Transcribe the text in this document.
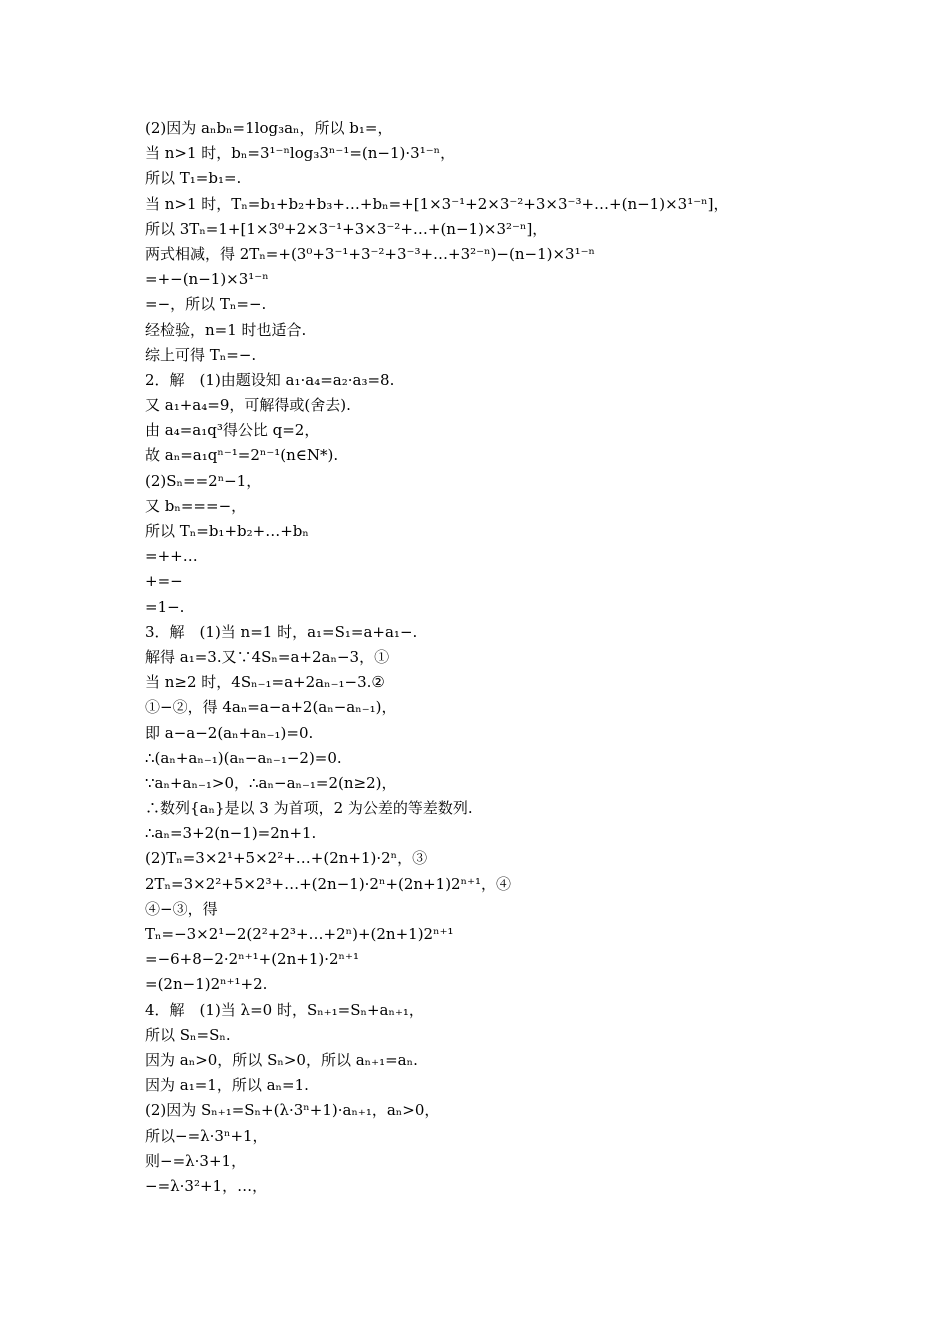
(2)因为 aₙbₙ=1log₃aₙ，所以 b₁=，
当 n>1 时，bₙ=3¹⁻ⁿlog₃3ⁿ⁻¹=(n−1)·3¹⁻ⁿ，
所以 T₁=b₁=.
当 n>1 时，Tₙ=b₁+b₂+b₃+…+bₙ=+[1×3⁻¹+2×3⁻²+3×3⁻³+…+(n−1)×3¹⁻ⁿ]，
所以 3Tₙ=1+[1×3⁰+2×3⁻¹+3×3⁻²+…+(n−1)×3²⁻ⁿ]，
两式相减，得 2Tₙ=+(3⁰+3⁻¹+3⁻²+3⁻³+…+3²⁻ⁿ)−(n−1)×3¹⁻ⁿ
=+−(n−1)×3¹⁻ⁿ
=−，所以 Tₙ=−.
经检验，n=1 时也适合.
综上可得 Tₙ=−.
2．解　(1)由题设知 a₁·a₄=a₂·a₃=8.
又 a₁+a₄=9，可解得或(舍去).
由 a₄=a₁q³得公比 q=2，
故 aₙ=a₁qⁿ⁻¹=2ⁿ⁻¹(n∈N*).
(2)Sₙ==2ⁿ−1，
又 bₙ===−，
所以 Tₙ=b₁+b₂+…+bₙ
=++…
+=−
=1−.
3．解　(1)当 n=1 时，a₁=S₁=a+a₁−.
解得 a₁=3.又∵4Sₙ=a+2aₙ−3，①
当 n≥2 时，4Sₙ₋₁=a+2aₙ₋₁−3.②
①−②，得 4aₙ=a−a+2(aₙ−aₙ₋₁)，
即 a−a−2(aₙ+aₙ₋₁)=0.
∴(aₙ+aₙ₋₁)(aₙ−aₙ₋₁−2)=0.
∵aₙ+aₙ₋₁>0，∴aₙ−aₙ₋₁=2(n≥2)，
∴数列{aₙ}是以 3 为首项，2 为公差的等差数列.
∴aₙ=3+2(n−1)=2n+1.
(2)Tₙ=3×2¹+5×2²+…+(2n+1)·2ⁿ，③
2Tₙ=3×2²+5×2³+…+(2n−1)·2ⁿ+(2n+1)2ⁿ⁺¹，④
④−③，得
Tₙ=−3×2¹−2(2²+2³+…+2ⁿ)+(2n+1)2ⁿ⁺¹
=−6+8−2·2ⁿ⁺¹+(2n+1)·2ⁿ⁺¹
=(2n−1)2ⁿ⁺¹+2.
4．解　(1)当 λ=0 时，Sₙ₊₁=Sₙ+aₙ₊₁，
所以 Sₙ=Sₙ.
因为 aₙ>0，所以 Sₙ>0，所以 aₙ₊₁=aₙ.
因为 a₁=1，所以 aₙ=1.
(2)因为 Sₙ₊₁=Sₙ+(λ·3ⁿ+1)·aₙ₊₁，aₙ>0，
所以−=λ·3ⁿ+1，
则−=λ·3+1，
−=λ·3²+1，…，
